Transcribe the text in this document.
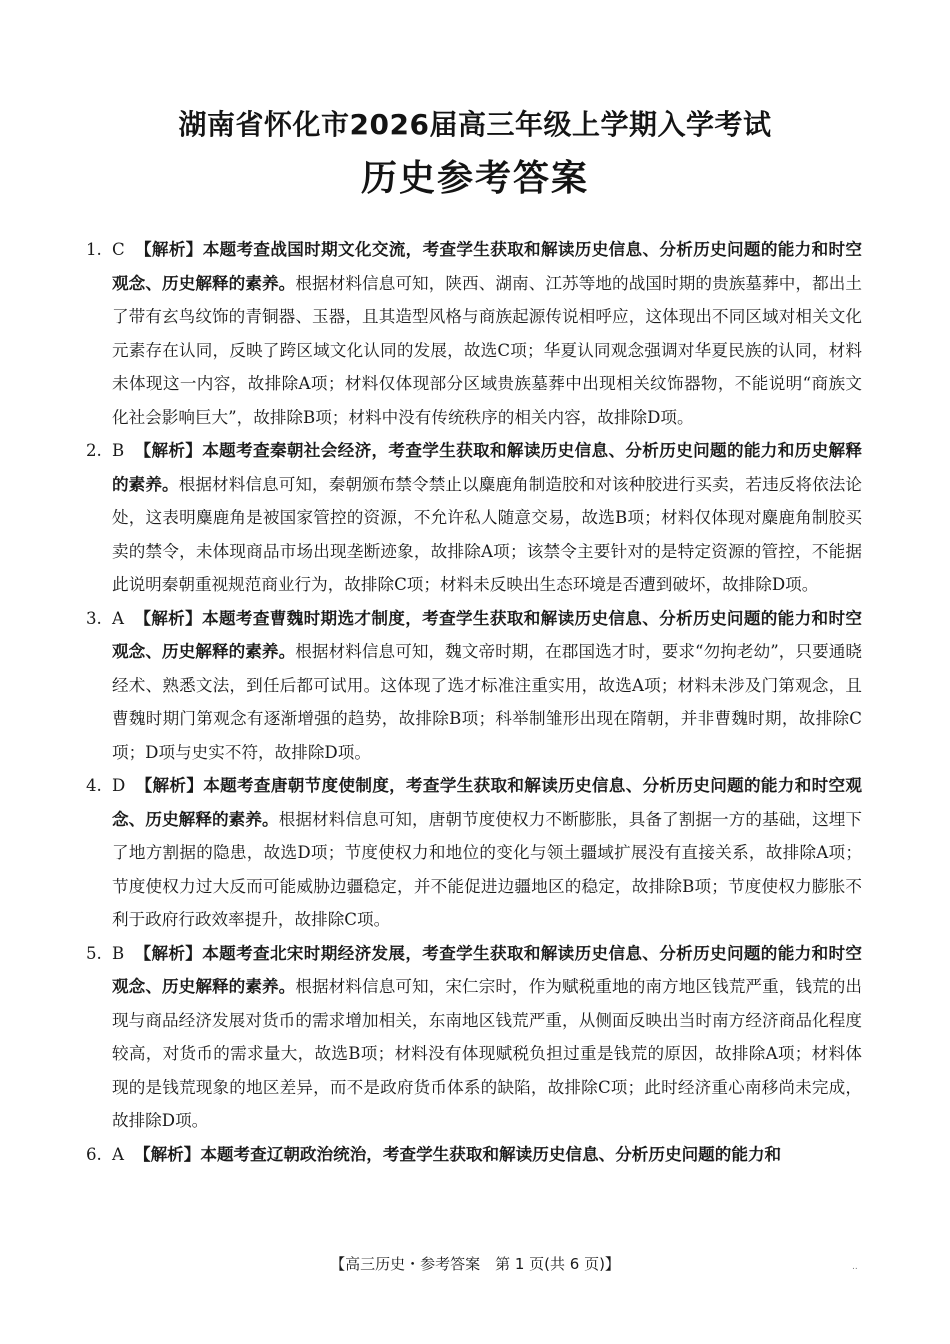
湖南省怀化市2026届高三年级上学期入学考试
历史参考答案
1. C 【解析】本题考查战国时期文化交流，考查学生获取和解读历史信息、分析历史问题的能力和时空观念、历史解释的素养。根据材料信息可知，陕西、湖南、江苏等地的战国时期的贵族墓葬中，都出土了带有玄鸟纹饰的青铜器、玉器，且其造型风格与商族起源传说相呼应，这体现出不同区域对相关文化元素存在认同，反映了跨区域文化认同的发展，故选C项；华夏认同观念强调对华夏民族的认同，材料未体现这一内容，故排除A项；材料仅体现部分区域贵族墓葬中出现相关纹饰器物，不能说明“商族文化社会影响巨大”，故排除B项；材料中没有传统秩序的相关内容，故排除D项。
2. B 【解析】本题考查秦朝社会经济，考查学生获取和解读历史信息、分析历史问题的能力和历史解释的素养。根据材料信息可知，秦朝颁布禁令禁止以麋鹿角制造胶和对该种胶进行买卖，若违反将依法论处，这表明麋鹿角是被国家管控的资源，不允许私人随意交易，故选B项；材料仅体现对麋鹿角制胶买卖的禁令，未体现商品市场出现垄断迹象，故排除A项；该禁令主要针对的是特定资源的管控，不能据此说明秦朝重视规范商业行为，故排除C项；材料未反映出生态环境是否遭到破坏，故排除D项。
3. A 【解析】本题考查曹魏时期选才制度，考查学生获取和解读历史信息、分析历史问题的能力和时空观念、历史解释的素养。根据材料信息可知，魏文帝时期，在郡国选才时，要求“勿拘老幼”，只要通晓经术、熟悉文法，到任后都可试用。这体现了选才标准注重实用，故选A项；材料未涉及门第观念，且曹魏时期门第观念有逐渐增强的趋势，故排除B项；科举制雏形出现在隋朝，并非曹魏时期，故排除C项；D项与史实不符，故排除D项。
4. D 【解析】本题考查唐朝节度使制度，考查学生获取和解读历史信息、分析历史问题的能力和时空观念、历史解释的素养。根据材料信息可知，唐朝节度使权力不断膨胀，具备了割据一方的基础，这埋下了地方割据的隐患，故选D项；节度使权力和地位的变化与领土疆域扩展没有直接关系，故排除A项；节度使权力过大反而可能威胁边疆稳定，并不能促进边疆地区的稳定，故排除B项；节度使权力膨胀不利于政府行政效率提升，故排除C项。
5. B 【解析】本题考查北宋时期经济发展，考查学生获取和解读历史信息、分析历史问题的能力和时空观念、历史解释的素养。根据材料信息可知，宋仁宗时，作为赋税重地的南方地区钱荒严重，钱荒的出现与商品经济发展对货币的需求增加相关，东南地区钱荒严重，从侧面反映出当时南方经济商品化程度较高，对货币的需求量大，故选B项；材料没有体现赋税负担过重是钱荒的原因，故排除A项；材料体现的是钱荒现象的地区差异，而不是政府货币体系的缺陷，故排除C项；此时经济重心南移尚未完成，故排除D项。
6. A 【解析】本题考查辽朝政治统治，考查学生获取和解读历史信息、分析历史问题的能力和
【高三历史・参考答案　第 1 页(共 6 页)】	..
